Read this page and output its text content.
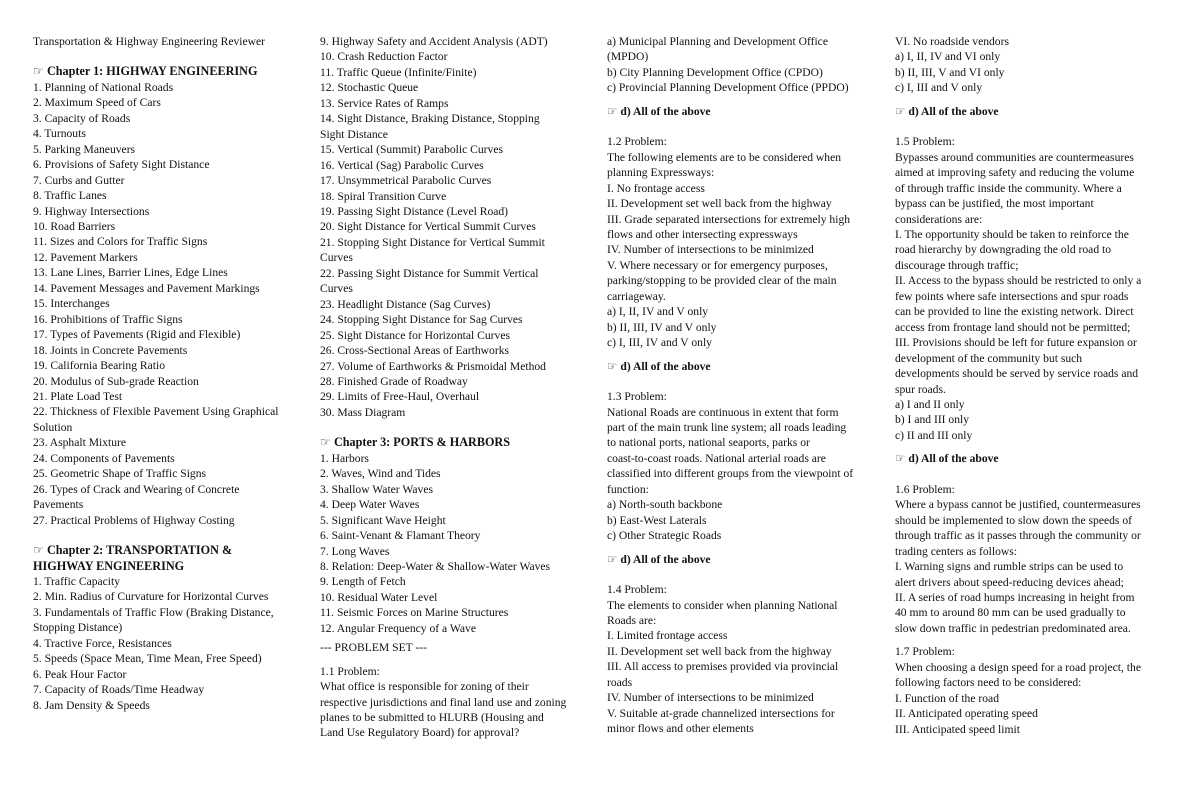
Transportation & Highway Engineering Reviewer
☞ Chapter 1: HIGHWAY ENGINEERING
1. Planning of National Roads
2. Maximum Speed of Cars
3. Capacity of Roads
4. Turnouts
5. Parking Maneuvers
6. Provisions of Safety Sight Distance
7. Curbs and Gutter
8. Traffic Lanes
9. Highway Intersections
10. Road Barriers
11. Sizes and Colors for Traffic Signs
12. Pavement Markers
13. Lane Lines, Barrier Lines, Edge Lines
14. Pavement Messages and Pavement Markings
15. Interchanges
16. Prohibitions of Traffic Signs
17. Types of Pavements (Rigid and Flexible)
18. Joints in Concrete Pavements
19. California Bearing Ratio
20. Modulus of Sub-grade Reaction
21. Plate Load Test
22. Thickness of Flexible Pavement Using Graphical
Solution
23. Asphalt Mixture
24. Components of Pavements
25. Geometric Shape of Traffic Signs
26. Types of Crack and Wearing of Concrete
Pavements
27. Practical Problems of Highway Costing
☞ Chapter 2: TRANSPORTATION &
HIGHWAY ENGINEERING
1. Traffic Capacity
2. Min. Radius of Curvature for Horizontal Curves
3. Fundamentals of Traffic Flow (Braking Distance,
Stopping Distance)
4. Tractive Force, Resistances
5. Speeds (Space Mean, Time Mean, Free Speed)
6. Peak Hour Factor
7. Capacity of Roads/Time Headway
8. Jam Density & Speeds
9. Highway Safety and Accident Analysis (ADT)
10. Crash Reduction Factor
11. Traffic Queue (Infinite/Finite)
12. Stochastic Queue
13. Service Rates of Ramps
14. Sight Distance, Braking Distance, Stopping
Sight Distance
15. Vertical (Summit) Parabolic Curves
16. Vertical (Sag) Parabolic Curves
17. Unsymmetrical Parabolic Curves
18. Spiral Transition Curve
19. Passing Sight Distance (Level Road)
20. Sight Distance for Vertical Summit Curves
21. Stopping Sight Distance for Vertical Summit
Curves
22. Passing Sight Distance for Summit Vertical
Curves
23. Headlight Distance (Sag Curves)
24. Stopping Sight Distance for Sag Curves
25. Sight Distance for Horizontal Curves
26. Cross-Sectional Areas of Earthworks
27. Volume of Earthworks & Prismoidal Method
28. Finished Grade of Roadway
29. Limits of Free-Haul, Overhaul
30. Mass Diagram
☞ Chapter 3: PORTS & HARBORS
1. Harbors
2. Waves, Wind and Tides
3. Shallow Water Waves
4. Deep Water Waves
5. Significant Wave Height
6. Saint-Venant & Flamant Theory
7. Long Waves
8. Relation: Deep-Water & Shallow-Water Waves
9. Length of Fetch
10. Residual Water Level
11. Seismic Forces on Marine Structures
12. Angular Frequency of a Wave
--- PROBLEM SET ---
1.1 Problem:
What office is responsible for zoning of their
respective jurisdictions and final land use and zoning
planes to be submitted to HLURB (Housing and
Land Use Regulatory Board) for approval?
a) Municipal Planning and Development Office
(MPDO)
b) City Planning Development Office (CPDO)
c) Provincial Planning Development Office (PPDO)
☞ d) All of the above
1.2 Problem:
The following elements are to be considered when
planning Expressways:
I. No frontage access
II. Development set well back from the highway
III. Grade separated intersections for extremely high
flows and other intersecting expressways
IV. Number of intersections to be minimized
V. Where necessary or for emergency purposes,
parking/stopping to be provided clear of the main
carriageway.
a) I, II, IV and V only
b) II, III, IV and V only
c) I, III, IV and V only
☞ d) All of the above
1.3 Problem:
National Roads are continuous in extent that form
part of the main trunk line system; all roads leading
to national ports, national seaports, parks or
coast-to-coast roads. National arterial roads are
classified into different groups from the viewpoint of
function:
a) North-south backbone
b) East-West Laterals
c) Other Strategic Roads
☞ d) All of the above
1.4 Problem:
The elements to consider when planning National
Roads are:
I. Limited frontage access
II. Development set well back from the highway
III. All access to premises provided via provincial
roads
IV. Number of intersections to be minimized
V. Suitable at-grade channelized intersections for
minor flows and other elements
VI. No roadside vendors
a) I, II, IV and VI only
b) II, III, V and VI only
c) I, III and V only
☞ d) All of the above
1.5 Problem:
Bypasses around communities are countermeasures
aimed at improving safety and reducing the volume
of through traffic inside the community. Where a
bypass can be justified, the most important
considerations are:
I. The opportunity should be taken to reinforce the
road hierarchy by downgrading the old road to
discourage through traffic;
II. Access to the bypass should be restricted to only a
few points where safe intersections and spur roads
can be provided to line the existing network. Direct
access from frontage land should not be permitted;
III. Provisions should be left for future expansion or
development of the community but such
developments should be served by service roads and
spur roads.
a) I and II only
b) I and III only
c) II and III only
☞ d) All of the above
1.6 Problem:
Where a bypass cannot be justified, countermeasures
should be implemented to slow down the speeds of
through traffic as it passes through the community or
trading centers as follows:
I. Warning signs and rumble strips can be used to
alert drivers about speed-reducing devices ahead;
II. A series of road humps increasing in height from
40 mm to around 80 mm can be used gradually to
slow down traffic in pedestrian predominated area.
1.7 Problem:
When choosing a design speed for a road project, the
following factors need to be considered:
I. Function of the road
II. Anticipated operating speed
III. Anticipated speed limit
